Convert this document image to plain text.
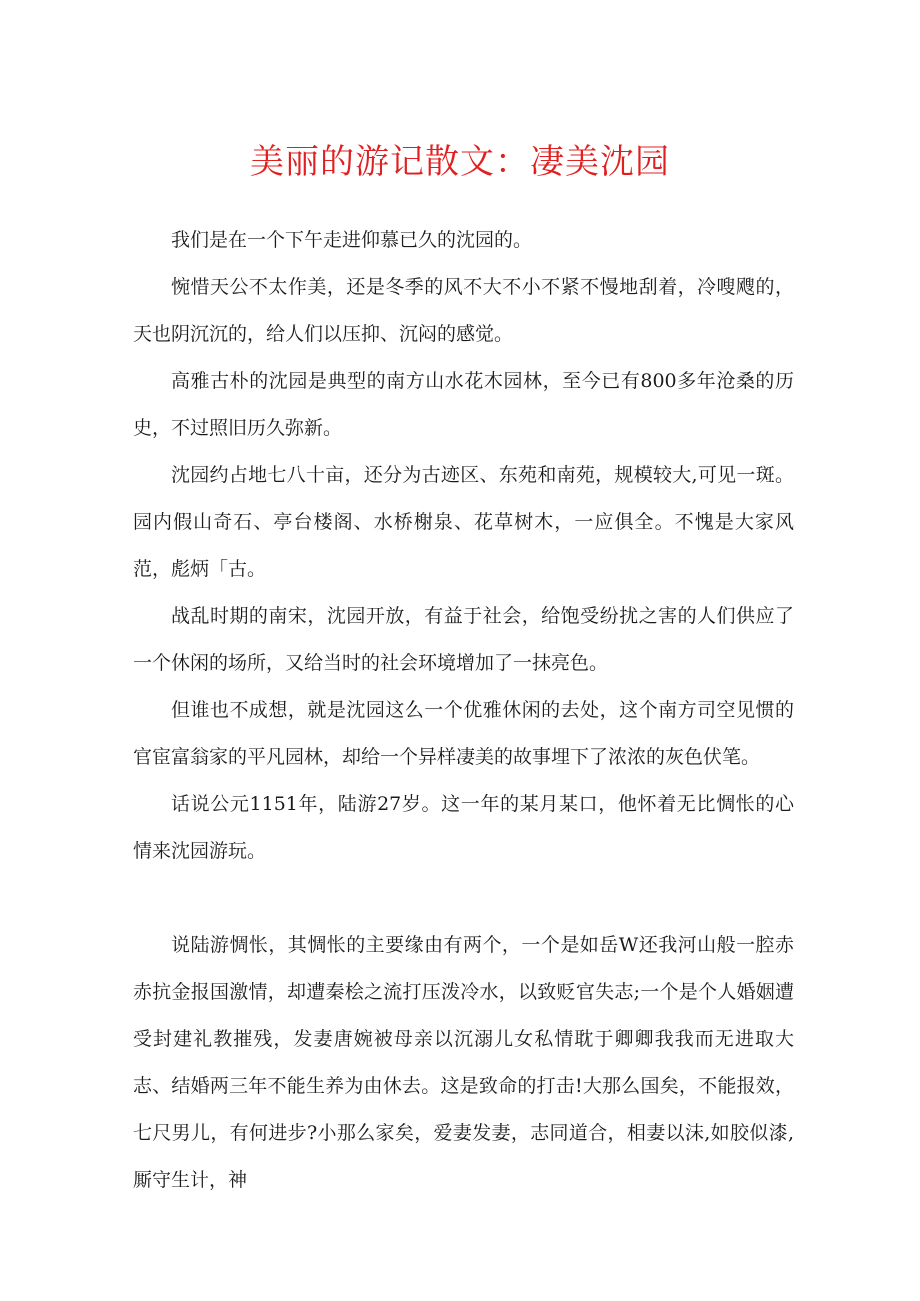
美丽的游记散文：凄美沈园

我们是在一个下午走进仰慕已久的沈园的。

惋惜天公不太作美，还是冬季的风不大不小不紧不慢地刮着，冷嗖飕的，天也阴沉沉的，给人们以压抑、沉闷的感觉。

高雅古朴的沈园是典型的南方山水花木园林，至今已有800多年沧桑的历史，不过照旧历久弥新。

沈园约占地七八十亩，还分为古迹区、东苑和南苑，规模较大,可见一斑。园内假山奇石、亭台楼阁、水桥榭泉、花草树木，一应俱全。不愧是大家风范，彪炳「古。

战乱时期的南宋，沈园开放，有益于社会，给饱受纷扰之害的人们供应了一个休闲的场所，又给当时的社会环境增加了一抹亮色。

但谁也不成想，就是沈园这么一个优雅休闲的去处，这个南方司空见惯的官宦富翁家的平凡园林，却给一个异样凄美的故事埋下了浓浓的灰色伏笔。

话说公元1151年，陆游27岁。这一年的某月某口，他怀着无比惆怅的心情来沈园游玩。

说陆游惆怅，其惆怅的主要缘由有两个，一个是如岳W还我河山般一腔赤赤抗金报国激情，却遭秦桧之流打压泼冷水，以致贬官失志;一个是个人婚姻遭受封建礼教摧残，发妻唐婉被母亲以沉溺儿女私情耽于卿卿我我而无进取大志、结婚两三年不能生养为由休去。这是致命的打击!大那么国矣，不能报效，七尺男儿，有何进步?小那么家矣，爱妻发妻，志同道合，相妻以沫,如胶似漆,厮守生计，神
